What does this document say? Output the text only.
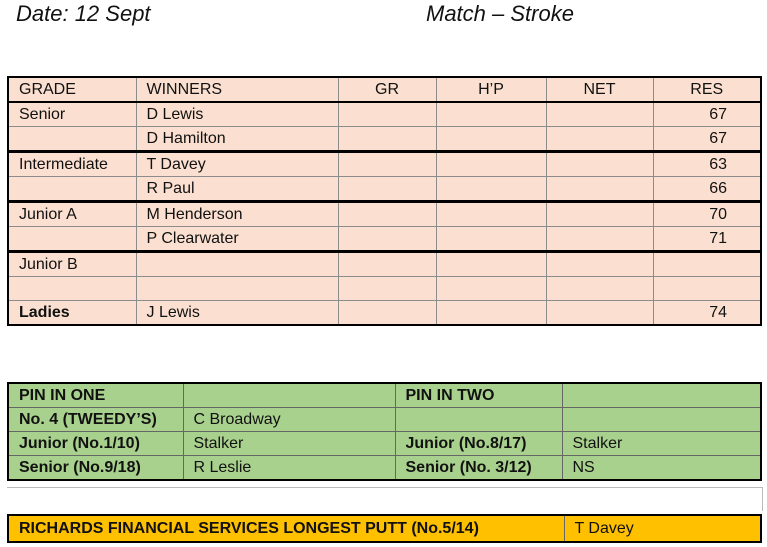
Date: 12 Sept	Match – Stroke
GRADE	WINNERS	GR	H’P	NET	RES
Senior	D Lewis				67
	D Hamilton				67
Intermediate	T Davey				63
	R Paul				66
Junior A	M Henderson				70
	P Clearwater				71
Junior B					

Ladies	J Lewis				74
PIN IN ONE		PIN IN TWO	
No. 4 (TWEEDY’S)	C Broadway		
Junior (No.1/10)	Stalker	Junior (No.8/17)	Stalker
Senior (No.9/18)	R Leslie	Senior (No. 3/12)	NS
RICHARDS FINANCIAL SERVICES LONGEST PUTT (No.5/14)	T Davey
